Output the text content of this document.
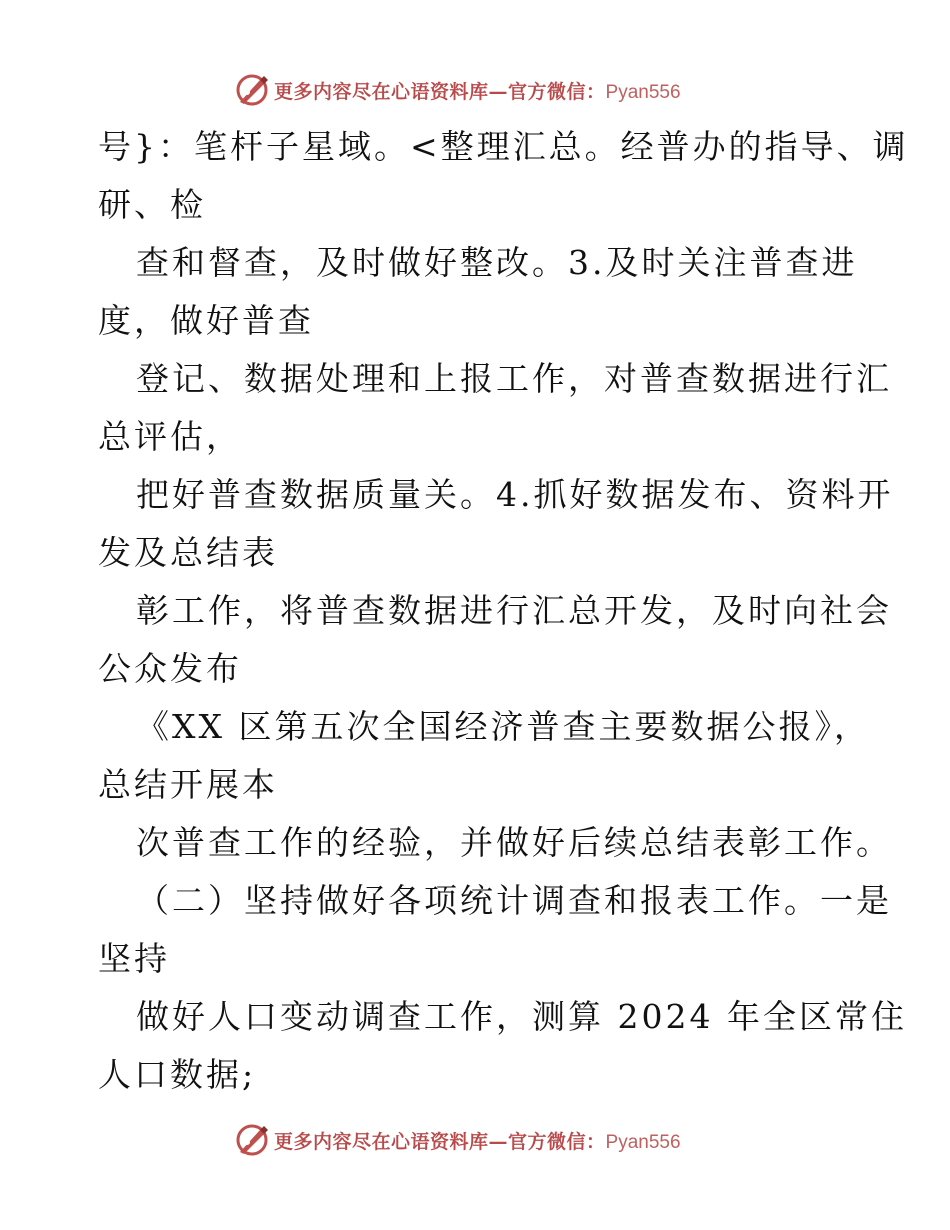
更多内容尽在心语资料库—官方微信：Pyan556
号}：笔杆子星域。<整理汇总。经普办的指导、调
研、检
查和督查，及时做好整改。3.及时关注普查进
度，做好普查
登记、数据处理和上报工作，对普查数据进行汇
总评估，
把好普查数据质量关。4.抓好数据发布、资料开
发及总结表
彰工作，将普查数据进行汇总开发，及时向社会
公众发布
《XX 区第五次全国经济普查主要数据公报》，
总结开展本
次普查工作的经验，并做好后续总结表彰工作。
（二）坚持做好各项统计调查和报表工作。一是
坚持
做好人口变动调查工作，测算 2024 年全区常住
人口数据;
更多内容尽在心语资料库—官方微信：Pyan556
